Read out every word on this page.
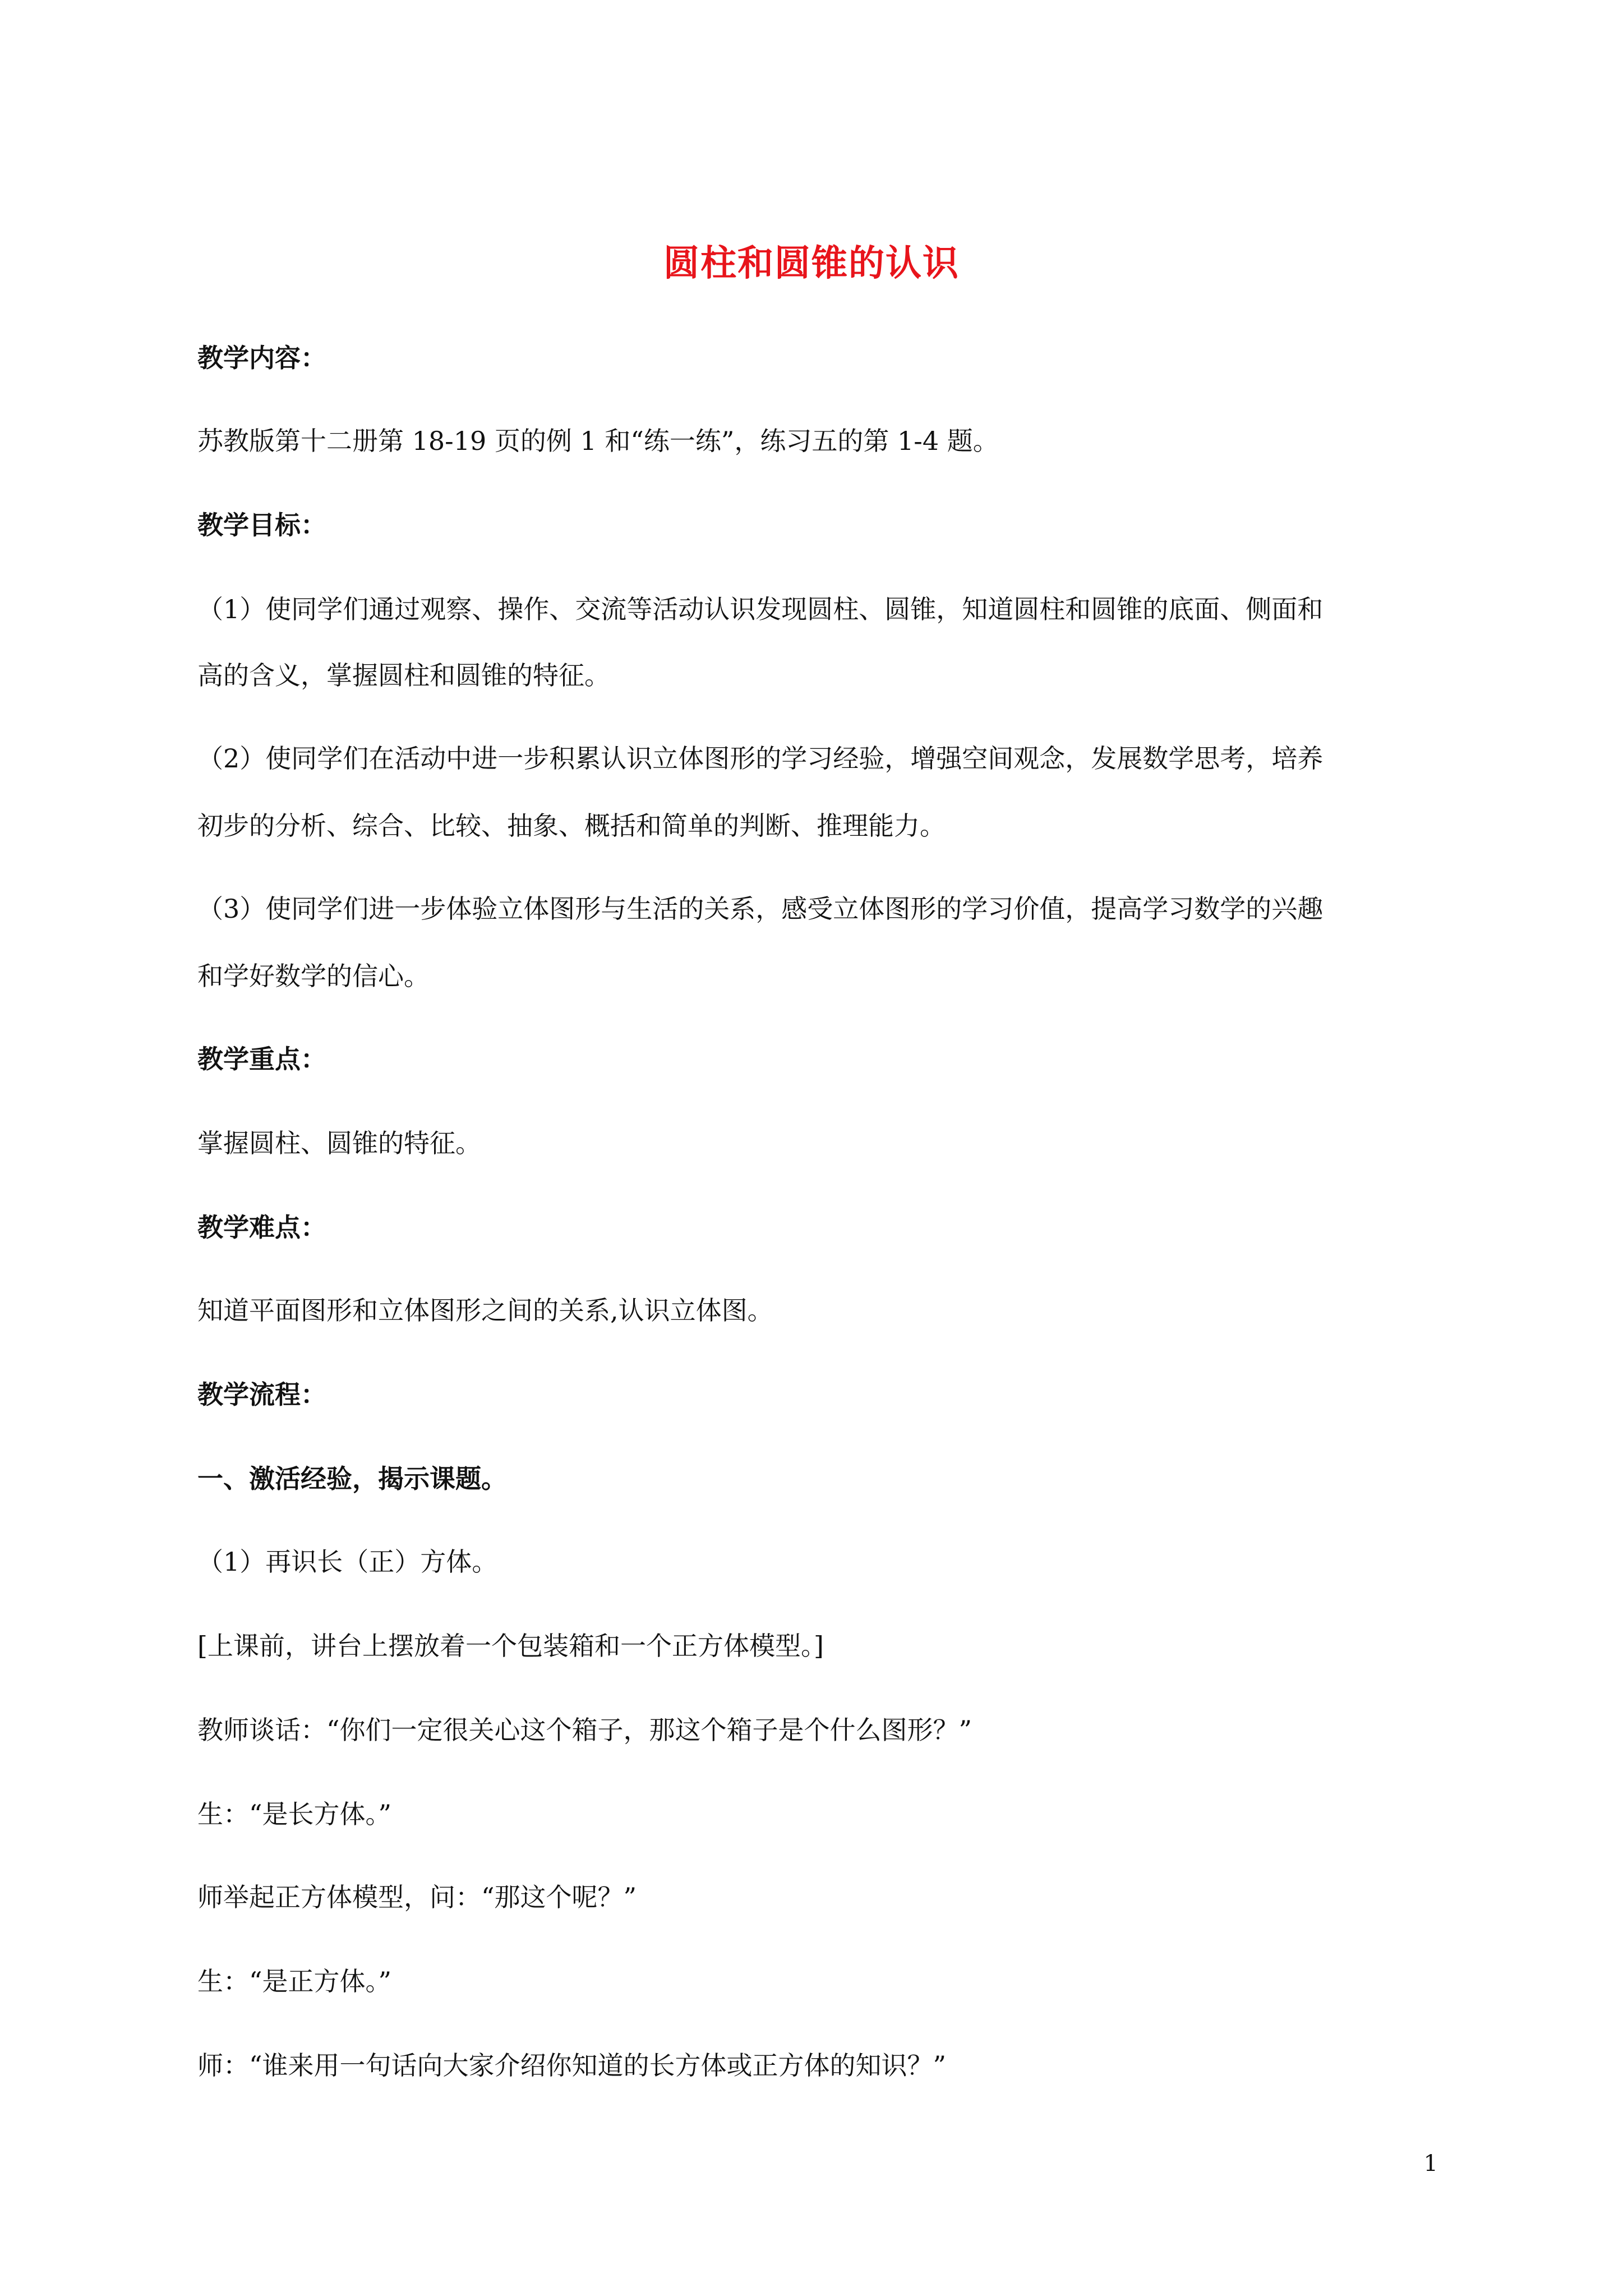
圆柱和圆锥的认识
教学内容：
苏教版第十二册第 18-19 页的例 1 和“练一练”，练习五的第 1-4 题。
教学目标：
（1）使同学们通过观察、操作、交流等活动认识发现圆柱、圆锥，知道圆柱和圆锥的底面、侧面和
高的含义，掌握圆柱和圆锥的特征。
（2）使同学们在活动中进一步积累认识立体图形的学习经验，增强空间观念，发展数学思考，培养
初步的分析、综合、比较、抽象、概括和简单的判断、推理能力。
（3）使同学们进一步体验立体图形与生活的关系，感受立体图形的学习价值，提高学习数学的兴趣
和学好数学的信心。
教学重点：
掌握圆柱、圆锥的特征。
教学难点：
知道平面图形和立体图形之间的关系,认识立体图。
教学流程：
一、激活经验，揭示课题。
（1）再识长（正）方体。
[上课前，讲台上摆放着一个包装箱和一个正方体模型。]
教师谈话：“你们一定很关心这个箱子，那这个箱子是个什么图形？”
生：“是长方体。”
师举起正方体模型，问：“那这个呢？”
生：“是正方体。”
师：“谁来用一句话向大家介绍你知道的长方体或正方体的知识？”
1
